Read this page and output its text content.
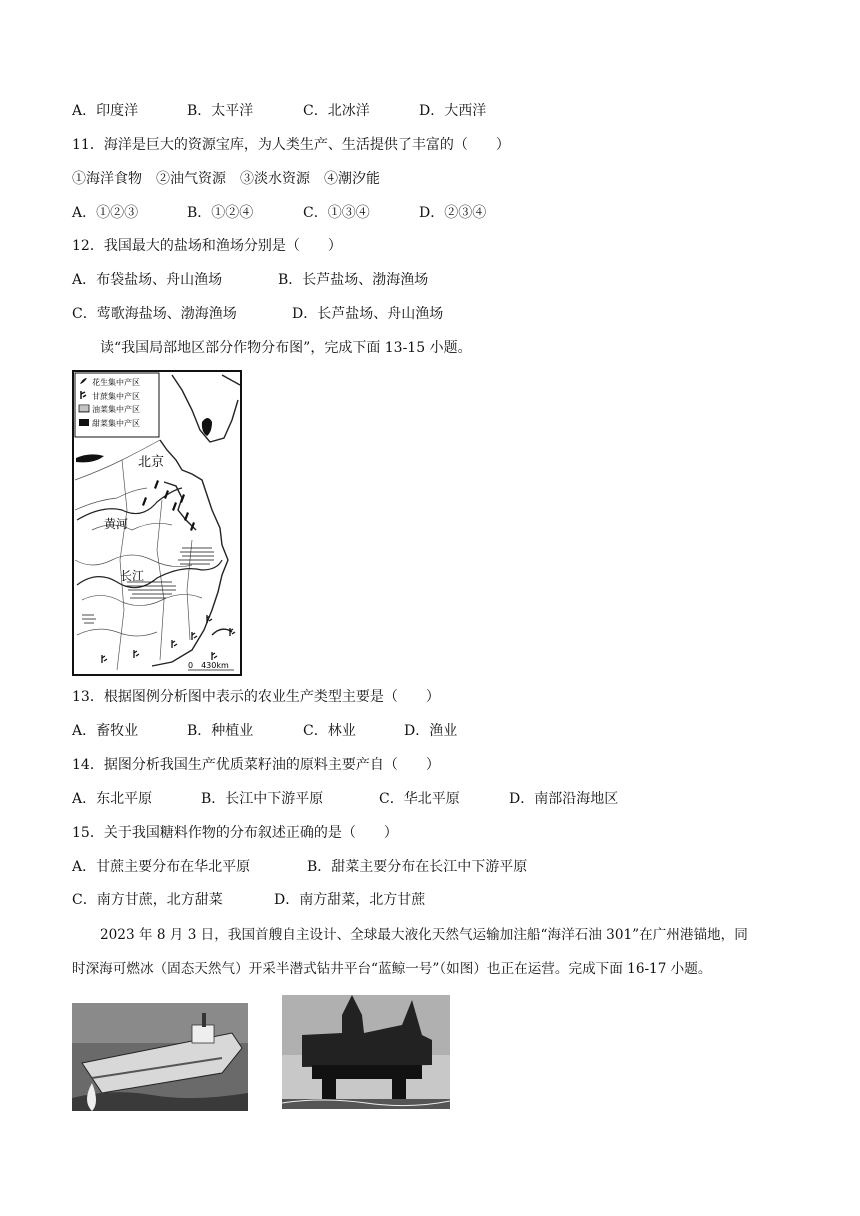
A．印度洋	B．太平洋	C．北冰洋	D．大西洋
11．海洋是巨大的资源宝库，为人类生产、生活提供了丰富的（　　）
①海洋食物　②油气资源　③淡水资源　④潮汐能
A．①②③	B．①②④	C．①③④	D．②③④
12．我国最大的盐场和渔场分别是（　　）
A．布袋盐场、舟山渔场	B．长芦盐场、渤海渔场
C．莺歌海盐场、渤海渔场	D．长芦盐场、舟山渔场
读“我国局部地区部分作物分布图”，完成下面 13-15 小题。
花生集中产区
甘蔗集中产区
油菜集中产区
甜菜集中产区
北京
黄河
长江
0　430km
13．根据图例分析图中表示的农业生产类型主要是（　　）
A．畜牧业	B．种植业	C．林业	D．渔业
14．据图分析我国生产优质菜籽油的原料主要产自（　　）
A．东北平原	B．长江中下游平原	C．华北平原	D．南部沿海地区
15．关于我国糖料作物的分布叙述正确的是（　　）
A．甘蔗主要分布在华北平原	B．甜菜主要分布在长江中下游平原
C．南方甘蔗，北方甜菜	D．南方甜菜，北方甘蔗
2023 年 8 月 3 日，我国首艘自主设计、全球最大液化天然气运输加注船“海洋石油 301”在广州港锚地，同
时深海可燃冰（固态天然气）开采半潜式钻井平台“蓝鲸一号”（如图）也正在运营。完成下面 16-17 小题。
